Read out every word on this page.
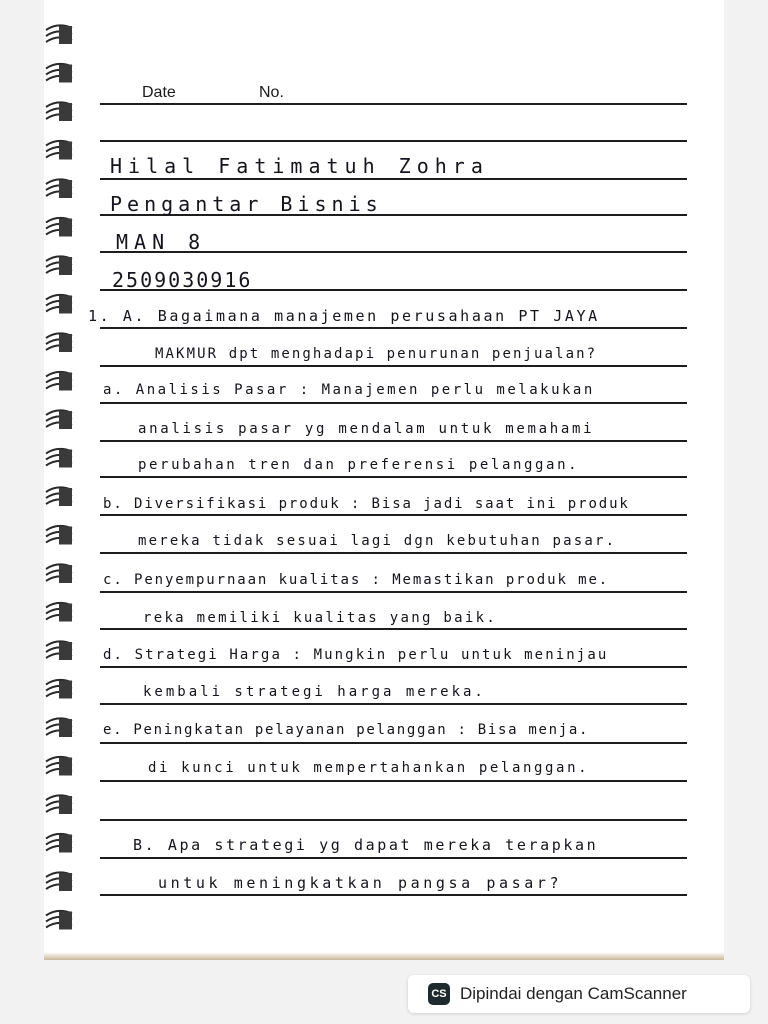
Date	No.
Hilal Fatimatuh Zohra
Pengantar Bisnis
MAN 8
2509030916
1. A. Bagaimana manajemen perusahaan PT JAYA
MAKMUR dpt menghadapi penurunan penjualan?
a. Analisis Pasar : Manajemen perlu melakukan
analisis pasar yg mendalam untuk memahami
perubahan tren dan preferensi pelanggan.
b. Diversifikasi produk : Bisa jadi saat ini produk
mereka tidak sesuai lagi dgn kebutuhan pasar.
c. Penyempurnaan kualitas : Memastikan produk me.
reka memiliki kualitas yang baik.
d. Strategi Harga : Mungkin perlu untuk meninjau
kembali strategi harga mereka.
e. Peningkatan pelayanan pelanggan : Bisa menja.
di kunci untuk mempertahankan pelanggan.
B. Apa strategi yg dapat mereka terapkan
untuk meningkatkan pangsa pasar?
CS Dipindai dengan CamScanner
